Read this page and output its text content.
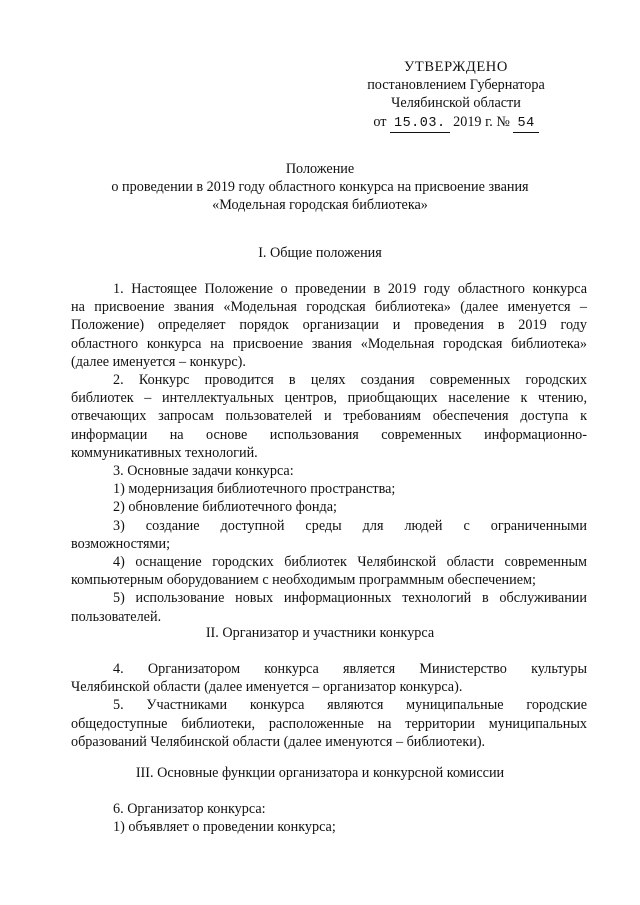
УТВЕРЖДЕНО
постановлением Губернатора
Челябинской области
от 15.03. 2019 г. № 54
Положение
о проведении в 2019 году областного конкурса на присвоение звания
«Модельная городская библиотека»
I. Общие положения
1. Настоящее Положение о проведении в 2019 году областного конкурса
на присвоение звания «Модельная городская библиотека» (далее именуется –
Положение) определяет порядок организации и проведения в 2019 году
областного конкурса на присвоение звания «Модельная городская библиотека»
(далее именуется – конкурс).
2. Конкурс проводится в целях создания современных городских
библиотек – интеллектуальных центров, приобщающих население к чтению,
отвечающих запросам пользователей и требованиям обеспечения доступа к
информации на основе использования современных информационно-
коммуникативных технологий.
3. Основные задачи конкурса:
1) модернизация библиотечного пространства;
2) обновление библиотечного фонда;
3) создание доступной среды для людей с ограниченными
возможностями;
4) оснащение городских библиотек Челябинской области современным
компьютерным оборудованием с необходимым программным обеспечением;
5) использование новых информационных технологий в обслуживании
пользователей.
II. Организатор и участники конкурса
4. Организатором конкурса является Министерство культуры
Челябинской области (далее именуется – организатор конкурса).
5. Участниками конкурса являются муниципальные городские
общедоступные библиотеки, расположенные на территории муниципальных
образований Челябинской области (далее именуются – библиотеки).
III. Основные функции организатора и конкурсной комиссии
6. Организатор конкурса:
1) объявляет о проведении конкурса;
